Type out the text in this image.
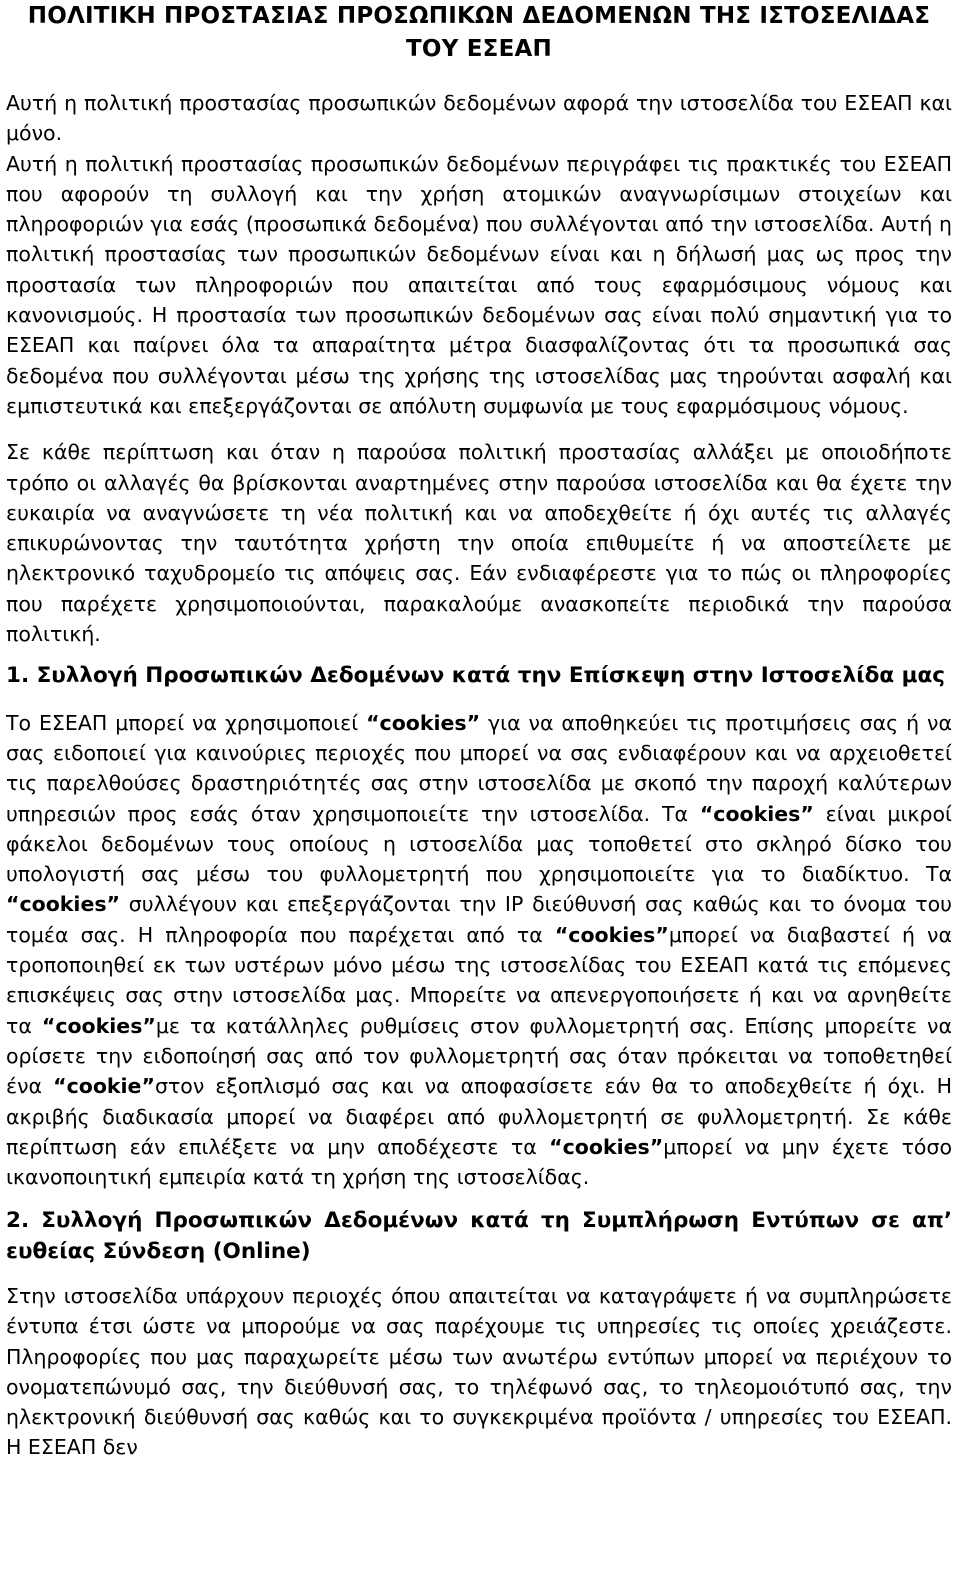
ΠΟΛΙΤΙΚΗ ΠΡΟΣΤΑΣΙΑΣ ΠΡΟΣΩΠΙΚΩΝ ΔΕΔΟΜΕΝΩΝ ΤΗΣ ΙΣΤΟΣΕΛΙΔΑΣ ΤΟΥ ΕΣΕΑΠ

Αυτή η πολιτική προστασίας προσωπικών δεδομένων αφορά την ιστοσελίδα του ΕΣΕΑΠ και μόνο.

Αυτή η πολιτική προστασίας προσωπικών δεδομένων περιγράφει τις πρακτικές του ΕΣΕΑΠ που αφορούν τη συλλογή και την χρήση ατομικών αναγνωρίσιμων στοιχείων και πληροφοριών για εσάς (προσωπικά δεδομένα) που συλλέγονται από την ιστοσελίδα. Αυτή η πολιτική προστασίας των προσωπικών δεδομένων είναι και η δήλωσή μας ως προς την προστασία των πληροφοριών που απαιτείται από τους εφαρμόσιμους νόμους και κανονισμούς. Η προστασία των προσωπικών δεδομένων σας είναι πολύ σημαντική για το ΕΣΕΑΠ και παίρνει όλα τα απαραίτητα μέτρα διασφαλίζοντας ότι τα προσωπικά σας δεδομένα που συλλέγονται μέσω της χρήσης της ιστοσελίδας μας τηρούνται ασφαλή και εμπιστευτικά και επεξεργάζονται σε απόλυτη συμφωνία με τους εφαρμόσιμους νόμους.

Σε κάθε περίπτωση και όταν η παρούσα πολιτική προστασίας αλλάξει με οποιοδήποτε τρόπο οι αλλαγές θα βρίσκονται αναρτημένες στην παρούσα ιστοσελίδα και θα έχετε την ευκαιρία να αναγνώσετε τη νέα πολιτική και να αποδεχθείτε ή όχι αυτές τις αλλαγές επικυρώνοντας την ταυτότητα χρήστη την οποία επιθυμείτε ή να αποστείλετε με ηλεκτρονικό ταχυδρομείο τις απόψεις σας. Εάν ενδιαφέρεστε για το πώς οι πληροφορίες που παρέχετε χρησιμοποιούνται, παρακαλούμε ανασκοπείτε περιοδικά την παρούσα πολιτική.

1. Συλλογή Προσωπικών Δεδομένων κατά την Επίσκεψη στην Ιστοσελίδα μας

Το ΕΣΕΑΠ μπορεί να χρησιμοποιεί “cookies” για να αποθηκεύει τις προτιμήσεις σας ή να σας ειδοποιεί για καινούριες περιοχές που μπορεί να σας ενδιαφέρουν και να αρχειοθετεί τις παρελθούσες δραστηριότητές σας στην ιστοσελίδα με σκοπό την παροχή καλύτερων υπηρεσιών προς εσάς όταν χρησιμοποιείτε την ιστοσελίδα. Τα “cookies” είναι μικροί φάκελοι δεδομένων τους οποίους η ιστοσελίδα μας τοποθετεί στο σκληρό δίσκο του υπολογιστή σας μέσω του φυλλομετρητή που χρησιμοποιείτε για το διαδίκτυο. Τα “cookies” συλλέγουν και επεξεργάζονται την IP διεύθυνσή σας καθώς και το όνομα του τομέα σας. Η πληροφορία που παρέχεται από τα “cookies”μπορεί να διαβαστεί ή να τροποποιηθεί εκ των υστέρων μόνο μέσω της ιστοσελίδας του ΕΣΕΑΠ κατά τις επόμενες επισκέψεις σας στην ιστοσελίδα μας. Μπορείτε να απενεργοποιήσετε ή και να αρνηθείτε τα “cookies”με τα κατάλληλες ρυθμίσεις στον φυλλομετρητή σας. Επίσης μπορείτε να ορίσετε την ειδοποίησή σας από τον φυλλομετρητή σας όταν πρόκειται να τοποθετηθεί ένα “cookie”στον εξοπλισμό σας και να αποφασίσετε εάν θα το αποδεχθείτε ή όχι. Η ακριβής διαδικασία μπορεί να διαφέρει από φυλλομετρητή σε φυλλομετρητή. Σε κάθε περίπτωση εάν επιλέξετε να μην αποδέχεστε τα “cookies”μπορεί να μην έχετε τόσο ικανοποιητική εμπειρία κατά τη χρήση της ιστοσελίδας.

2. Συλλογή Προσωπικών Δεδομένων κατά τη Συμπλήρωση Εντύπων σε απ’ ευθείας Σύνδεση (Online)

Στην ιστοσελίδα υπάρχουν περιοχές όπου απαιτείται να καταγράψετε ή να συμπληρώσετε έντυπα έτσι ώστε να μπορούμε να σας παρέχουμε τις υπηρεσίες τις οποίες χρειάζεστε. Πληροφορίες που μας παραχωρείτε μέσω των ανωτέρω εντύπων μπορεί να περιέχουν το ονοματεπώνυμό σας, την διεύθυνσή σας, το τηλέφωνό σας, το τηλεομοιότυπό σας, την ηλεκτρονική διεύθυνσή σας καθώς και το συγκεκριμένα προϊόντα / υπηρεσίες του ΕΣΕΑΠ. Η ΕΣΕΑΠ δεν
